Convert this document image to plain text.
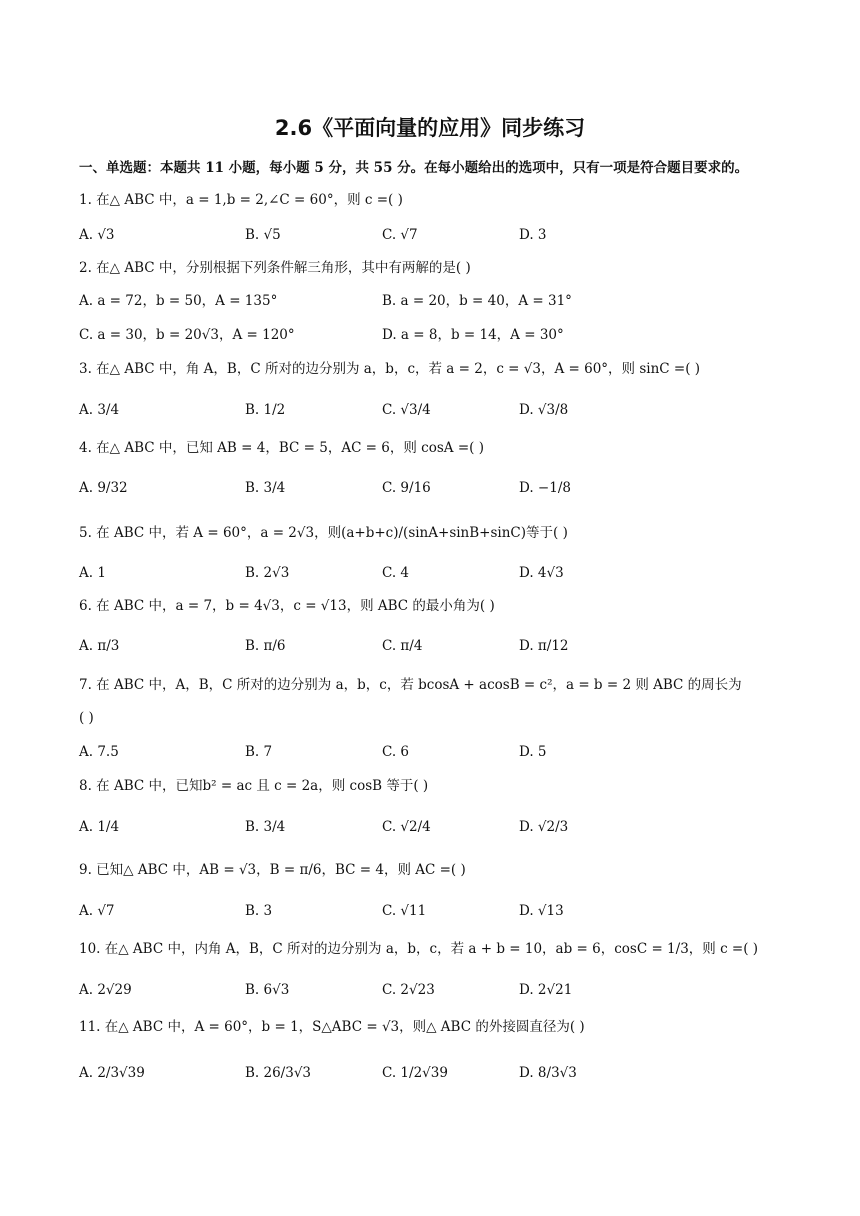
2.6《平面向量的应用》同步练习
一、单选题：本题共 11 小题，每小题 5 分，共 55 分。在每小题给出的选项中，只有一项是符合题目要求的。
1. 在△ ABC 中，a = 1,b = 2,∠C = 60°，则 c =( )
A. √3	B. √5	C. √7	D. 3
2. 在△ ABC 中，分别根据下列条件解三角形，其中有两解的是( )
A. a = 72，b = 50，A = 135°	B. a = 20，b = 40，A = 31°
C. a = 30，b = 20√3，A = 120°	D. a = 8，b = 14，A = 30°
3. 在△ ABC 中，角 A，B，C 所对的边分别为 a，b，c，若 a = 2，c = √3，A = 60°，则 sinC =( )
A. 3/4	B. 1/2	C. √3/4	D. √3/8
4. 在△ ABC 中，已知 AB = 4，BC = 5，AC = 6，则 cosA =( )
A. 9/32	B. 3/4	C. 9/16	D. −1/8
5. 在 ABC 中，若 A = 60°，a = 2√3，则(a+b+c)/(sinA+sinB+sinC)等于( )
A. 1	B. 2√3	C. 4	D. 4√3
6. 在 ABC 中，a = 7，b = 4√3，c = √13，则 ABC 的最小角为( )
A. π/3	B. π/6	C. π/4	D. π/12
7. 在 ABC 中，A，B，C 所对的边分别为 a，b，c，若 bcosA + acosB = c²，a = b = 2 则 ABC 的周长为
( )
A. 7.5	B. 7	C. 6	D. 5
8. 在 ABC 中，已知b² = ac 且 c = 2a，则 cosB 等于( )
A. 1/4	B. 3/4	C. √2/4	D. √2/3
9. 已知△ ABC 中，AB = √3，B = π/6，BC = 4，则 AC =( )
A. √7	B. 3	C. √11	D. √13
10. 在△ ABC 中，内角 A，B，C 所对的边分别为 a，b，c，若 a + b = 10，ab = 6，cosC = 1/3，则 c =( )
A. 2√29	B. 6√3	C. 2√23	D. 2√21
11. 在△ ABC 中，A = 60°，b = 1，S△ABC = √3，则△ ABC 的外接圆直径为( )
A. 2/3√39	B. 26/3√3	C. 1/2√39	D. 8/3√3
